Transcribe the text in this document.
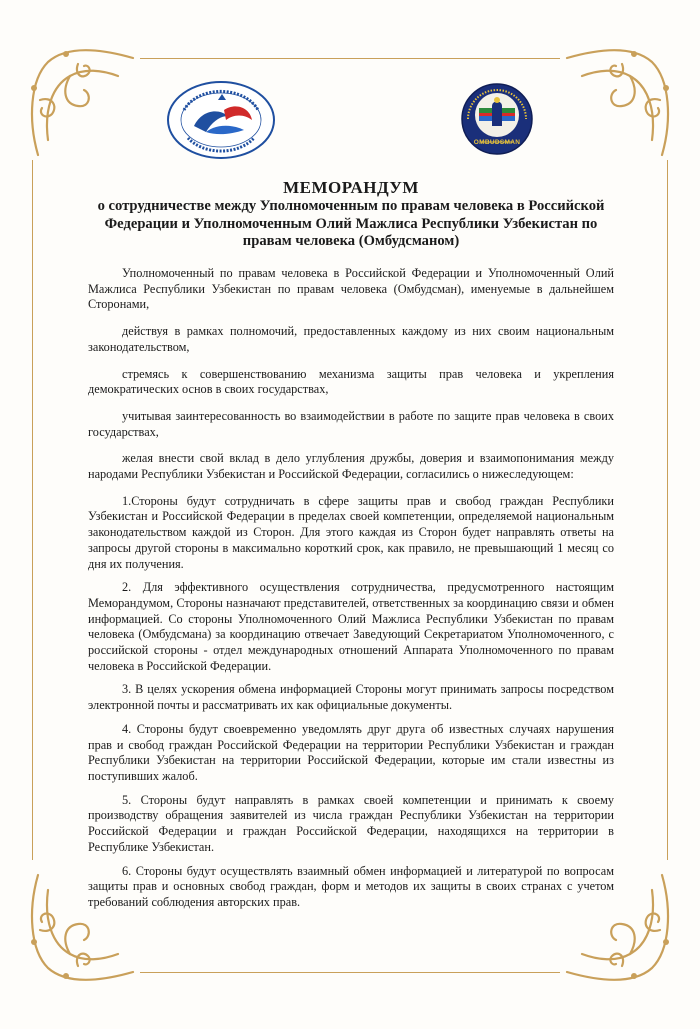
OMBUDSMAN
МЕМОРАНДУМ
о сотрудничестве между Уполномоченным по правам человека в Российской
Федерации и Уполномоченным Олий Мажлиса Республики Узбекистан по
правам человека (Омбудсманом)

Уполномоченный по правам человека в Российской Федерации и Уполномоченный Олий Мажлиса Республики Узбекистан по правам человека (Омбудсман), именуемые в дальнейшем Сторонами,

действуя в рамках полномочий, предоставленных каждому из них своим национальным законодательством,

стремясь к совершенствованию механизма защиты прав человека и укрепления демократических основ в своих государствах,

учитывая заинтересованность во взаимодействии в работе по защите прав человека в своих государствах,

желая внести свой вклад в дело углубления дружбы, доверия и взаимопонимания между народами Республики Узбекистан и Российской Федерации, согласились о нижеследующем:

1.Стороны будут сотрудничать в сфере защиты прав и свобод граждан Республики Узбекистан и Российской Федерации в пределах своей компетенции, определяемой национальным законодательством каждой из Сторон. Для этого каждая из Сторон будет направлять ответы на запросы другой стороны в максимально короткий срок, как правило, не превышающий 1 месяц со дня их получения.

2. Для эффективного осуществления сотрудничества, предусмотренного настоящим Меморандумом, Стороны назначают представителей, ответственных за координацию связи и обмен информацией. Со стороны Уполномоченного Олий Мажлиса Республики Узбекистан по правам человека (Омбудсмана) за координацию отвечает Заведующий Секретариатом Уполномоченного, с российской стороны - отдел международных отношений Аппарата Уполномоченного по правам человека в Российской Федерации.

3. В целях ускорения обмена информацией Стороны могут принимать запросы посредством электронной почты и рассматривать их как официальные документы.

4. Стороны будут своевременно уведомлять друг друга об известных случаях нарушения прав и свобод граждан Российской Федерации на территории Республики Узбекистан и граждан Республики Узбекистан на территории Российской Федерации, которые им стали известны из поступивших жалоб.

5. Стороны будут направлять в рамках своей компетенции и принимать к своему производству обращения заявителей из числа граждан Республики Узбекистан на территории Российской Федерации и граждан Российской Федерации, находящихся на территории в Республике Узбекистан.

6. Стороны будут осуществлять взаимный обмен информацией и литературой по вопросам защиты прав и основных свобод граждан, форм и методов их защиты в своих странах с учетом требований соблюдения авторских прав.
